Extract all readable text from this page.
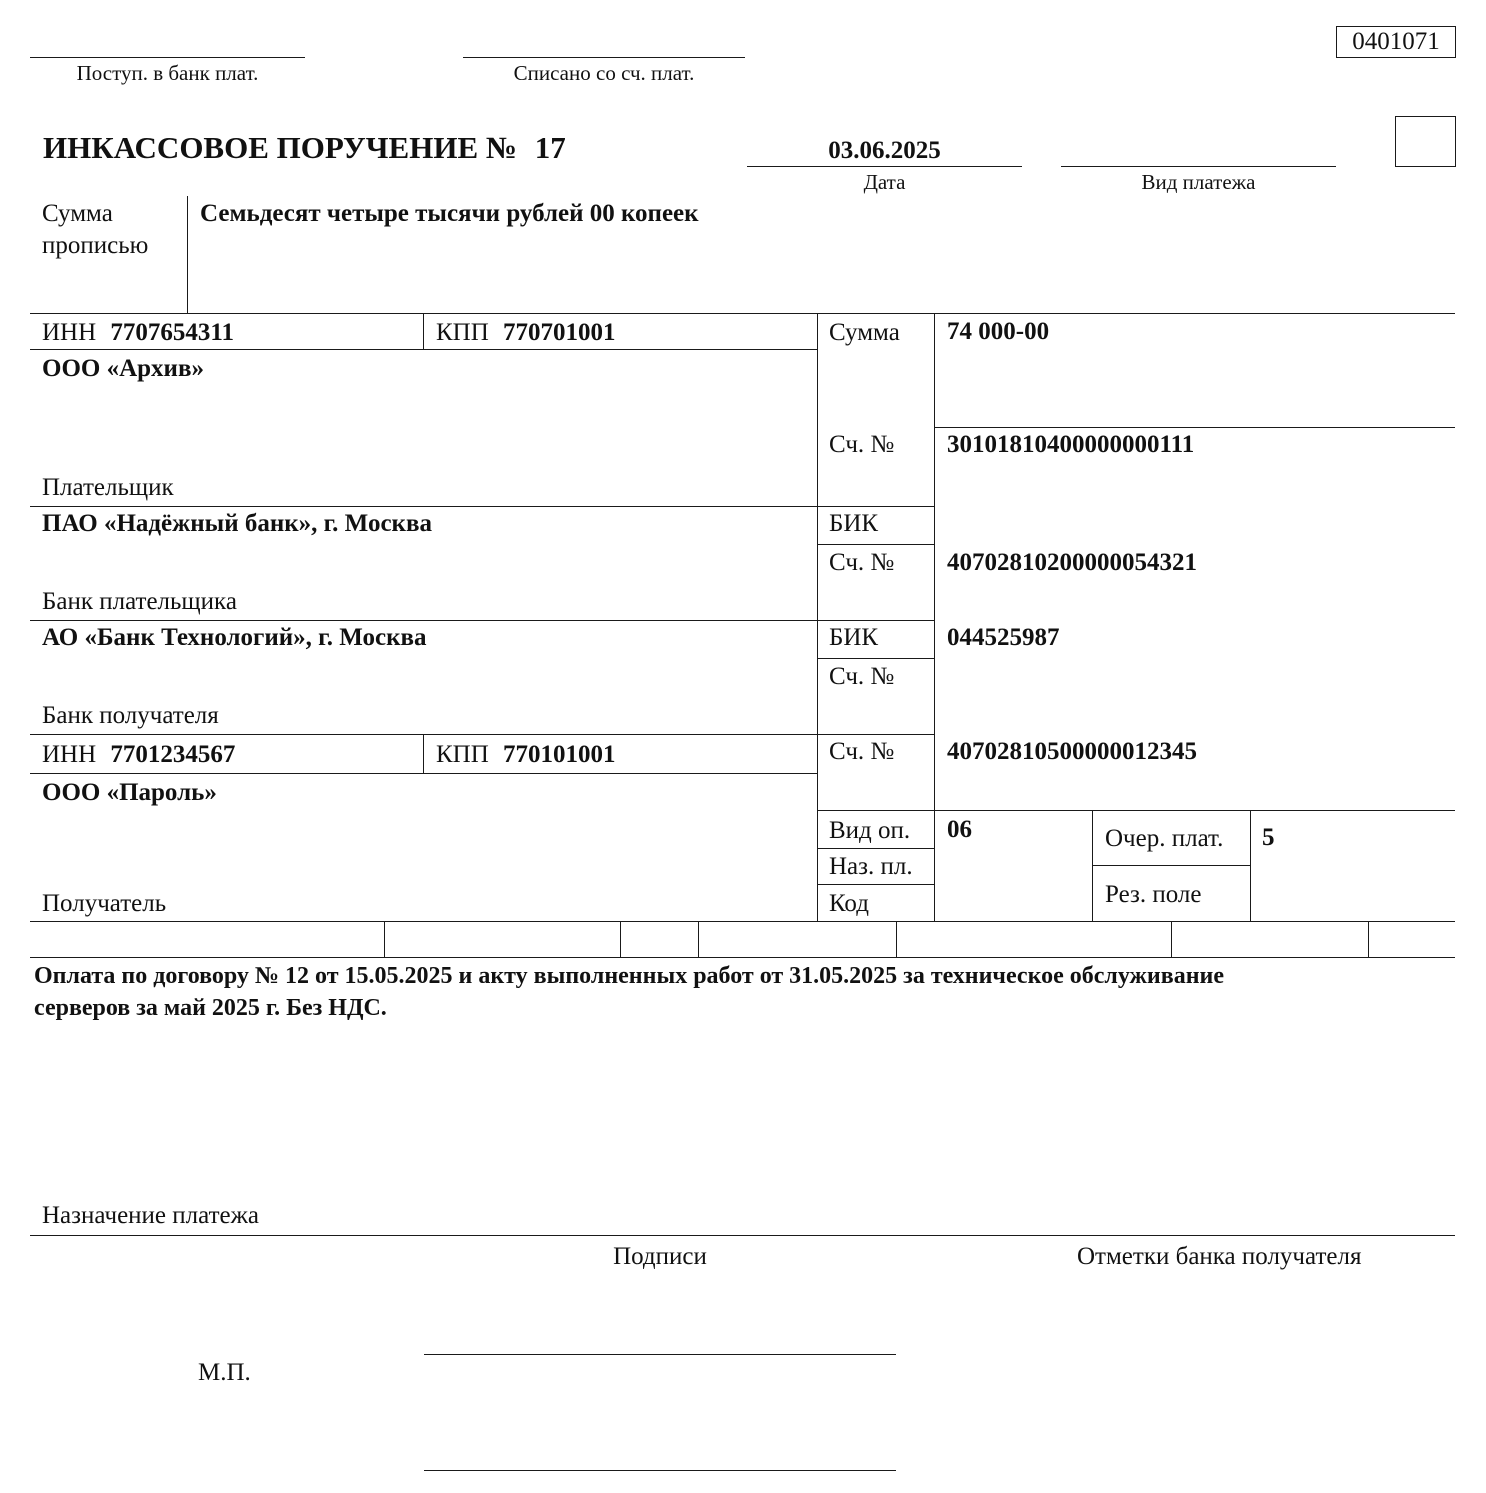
0401071
Поступ. в банк плат.	Списано со сч. плат.
ИНКАССОВОЕ ПОРУЧЕНИЕ № 17	03.06.2025
Дата	Вид платежа
Сумма
прописью
Семьдесят четыре тысячи рублей 00 копеек
ИНН 7707654311	КПП 770701001
ООО «Архив»
Плательщик
Сумма 74 000-00
Сч. № 30101810400000000111
ПАО «Надёжный банк», г. Москва
Банк плательщика
БИК
Сч. № 40702810200000054321
АО «Банк Технологий», г. Москва
Банк получателя
БИК	044525987
Сч. №
ИНН 7701234567	КПП 770101001
ООО «Пароль»
Получатель
Сч. № 40702810500000012345
Вид оп. 06
Наз. пл.
Код
Очер. плат. 5
Рез. поле
Оплата по договору № 12 от 15.05.2025 и акту выполненных работ от 31.05.2025 за техническое обслуживание
серверов за май 2025 г. Без НДС.
Назначение платежа
Подписи	Отметки банка получателя
М.П.
